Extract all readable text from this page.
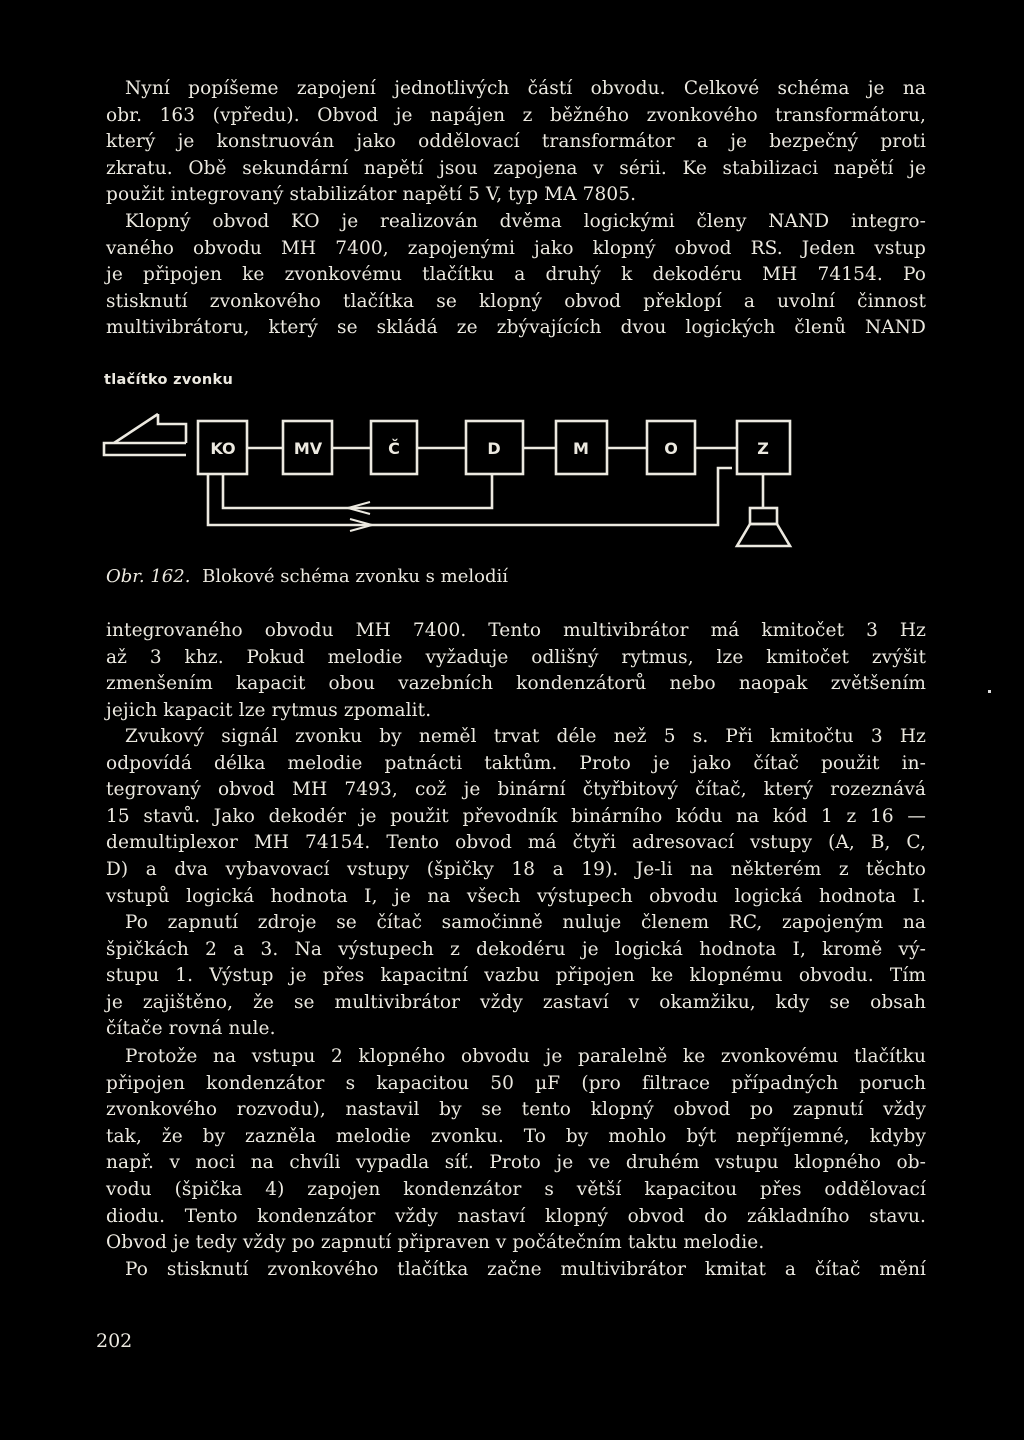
Nyní popíšeme zapojení jednotlivých částí obvodu. Celkové schéma je na
obr. 163 (vpředu). Obvod je napájen z běžného zvonkového transformátoru,
který je konstruován jako oddělovací transformátor a je bezpečný proti
zkratu. Obě sekundární napětí jsou zapojena v sérii. Ke stabilizaci napětí je
použit integrovaný stabilizátor napětí 5 V, typ MA 7805.
Klopný obvod KO je realizován dvěma logickými členy NAND integro-
vaného obvodu MH 7400, zapojenými jako klopný obvod RS. Jeden vstup
je připojen ke zvonkovému tlačítku a druhý k dekodéru MH 74154. Po
stisknutí zvonkového tlačítka se klopný obvod překlopí a uvolní činnost
multivibrátoru, který se skládá ze zbývajících dvou logických členů NAND
tlačítko zvonku
KO	MV	Č	D	M	O	Z
Obr. 162. Blokové schéma zvonku s melodií
integrovaného obvodu MH 7400. Tento multivibrátor má kmitočet 3 Hz
až 3 khz. Pokud melodie vyžaduje odlišný rytmus, lze kmitočet zvýšit
zmenšením kapacit obou vazebních kondenzátorů nebo naopak zvětšením
jejich kapacit lze rytmus zpomalit.
Zvukový signál zvonku by neměl trvat déle než 5 s. Při kmitočtu 3 Hz
odpovídá délka melodie patnácti taktům. Proto je jako čítač použit in-
tegrovaný obvod MH 7493, což je binární čtyřbitový čítač, který rozeznává
15 stavů. Jako dekodér je použit převodník binárního kódu na kód 1 z 16 —
demultiplexor MH 74154. Tento obvod má čtyři adresovací vstupy (A, B, C,
D) a dva vybavovací vstupy (špičky 18 a 19). Je-li na některém z těchto
vstupů logická hodnota I, je na všech výstupech obvodu logická hodnota I.
Po zapnutí zdroje se čítač samočinně nuluje členem RC, zapojeným na
špičkách 2 a 3. Na výstupech z dekodéru je logická hodnota I, kromě vý-
stupu 1. Výstup je přes kapacitní vazbu připojen ke klopnému obvodu. Tím
je zajištěno, že se multivibrátor vždy zastaví v okamžiku, kdy se obsah
čítače rovná nule.
Protože na vstupu 2 klopného obvodu je paralelně ke zvonkovému tlačítku
připojen kondenzátor s kapacitou 50 µF (pro filtrace případných poruch
zvonkového rozvodu), nastavil by se tento klopný obvod po zapnutí vždy
tak, že by zazněla melodie zvonku. To by mohlo být nepříjemné, kdyby
např. v noci na chvíli vypadla síť. Proto je ve druhém vstupu klopného ob-
vodu (špička 4) zapojen kondenzátor s větší kapacitou přes oddělovací
diodu. Tento kondenzátor vždy nastaví klopný obvod do základního stavu.
Obvod je tedy vždy po zapnutí připraven v počátečním taktu melodie.
Po stisknutí zvonkového tlačítka začne multivibrátor kmitat a čítač mění
202
